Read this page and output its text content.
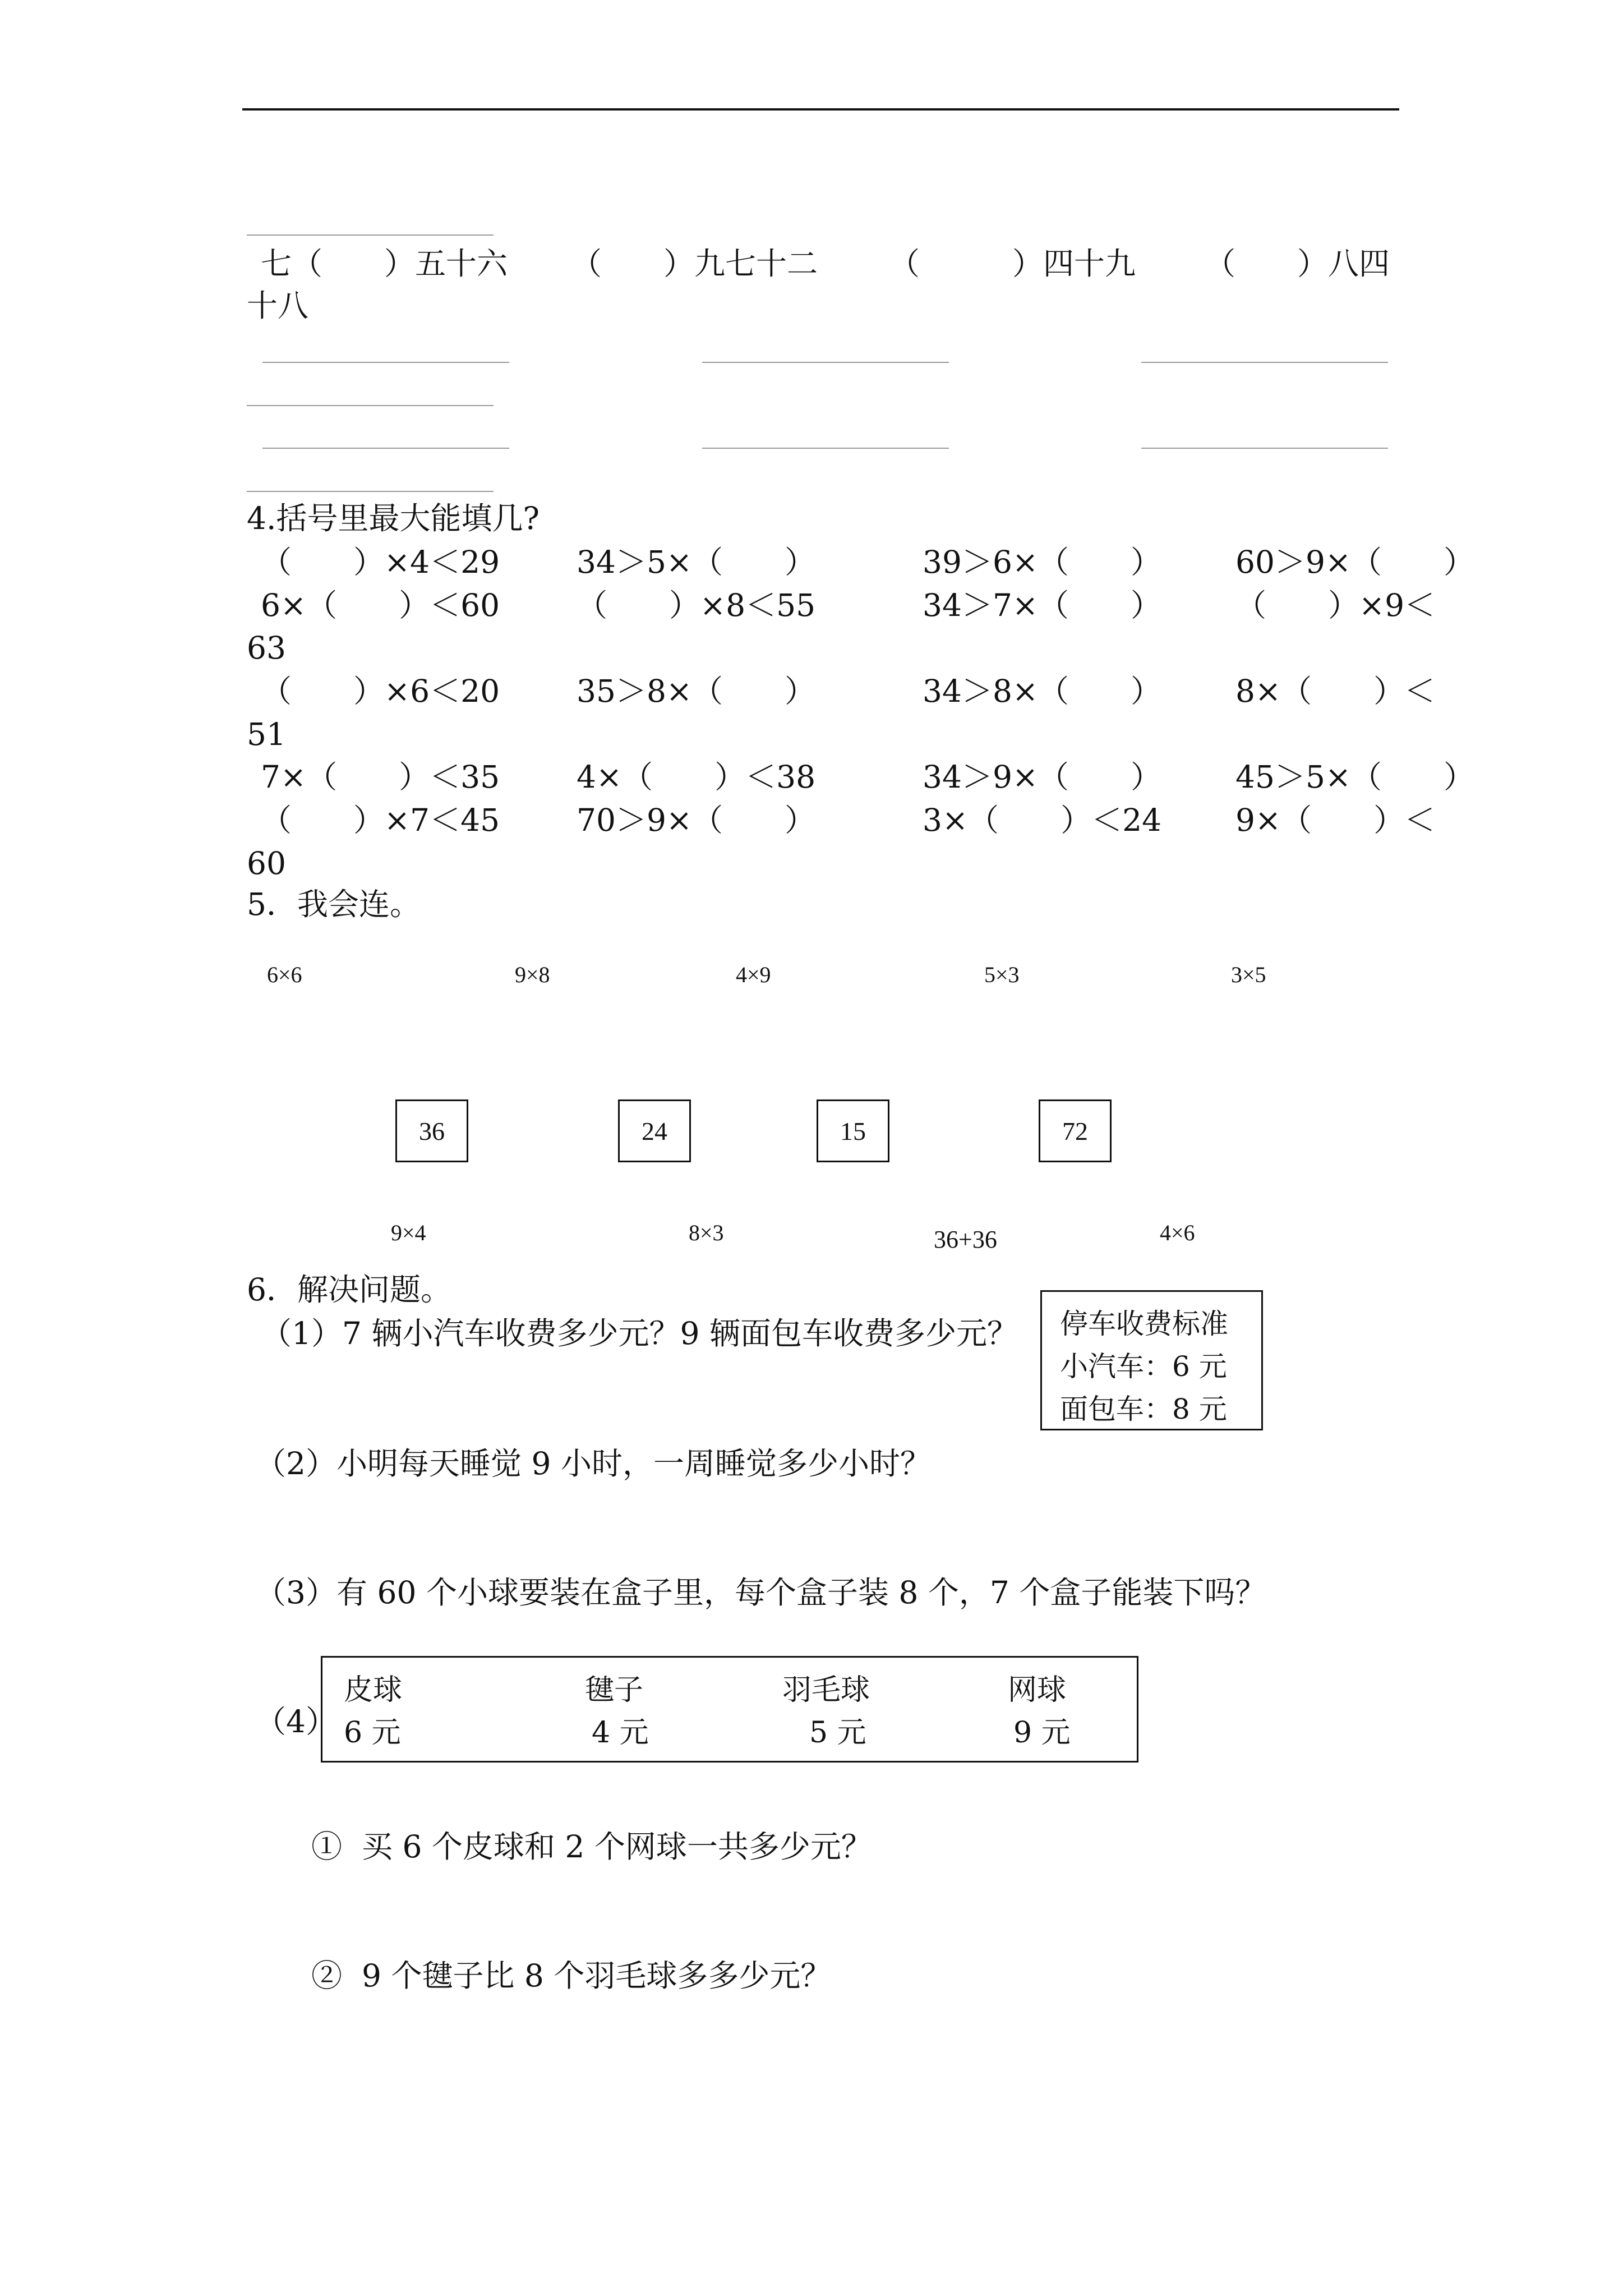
七（　　）五十六 （　　）九七十二 （　　　）四十九 （　　）八四
十八
4.括号里最大能填几?
（　　）×4＜29 34＞5×（　　）	39＞6×（　　） 60＞9×（　　）
6×（　　）＜60 （　　）×8＜55	34＞7×（　　） （　　）×9＜
63
（　　）×6＜20 35＞8×（　　）	34＞8×（　　） 8×（　　）＜
51
7×（　　）＜35 4×（　　）＜38	34＞9×（　　） 45＞5×（　　）
（　　）×7＜45 70＞9×（　　）	3×（　　）＜24 9×（　　）＜
60
5．我会连。
6×6	9×8	4×9	5×3	3×5
36	24	15	72
9×4	8×3	36+36	4×6
6．解决问题。
（1）7 辆小汽车收费多少元？9 辆面包车收费多少元？ 停车收费标准
小汽车：6 元
面包车：8 元
（2）小明每天睡觉 9 小时，一周睡觉多少小时？
（3）有 60 个小球要装在盒子里，每个盒子装 8 个，7 个盒子能装下吗？
（4）
皮球	毽子	羽毛球	网球
6 元	4 元	5 元	9 元
①  买 6 个皮球和 2 个网球一共多少元？
②  9 个毽子比 8 个羽毛球多多少元？
